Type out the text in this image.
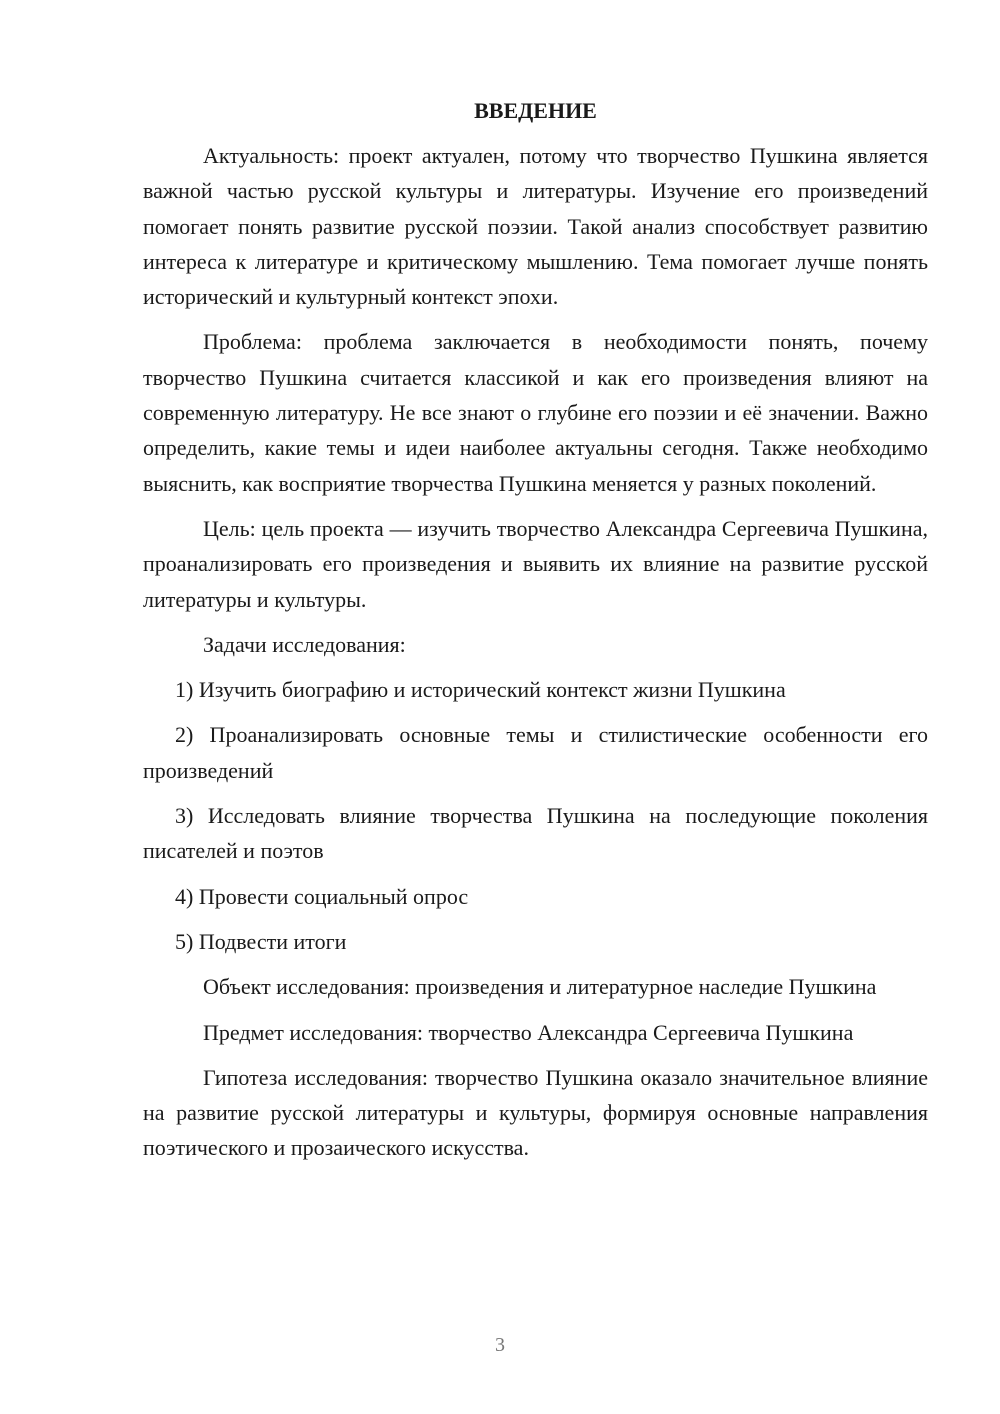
ВВЕДЕНИЕ

Актуальность: проект актуален, потому что творчество Пушкина является важной частью русской культуры и литературы. Изучение его произведений помогает понять развитие русской поэзии. Такой анализ способствует развитию интереса к литературе и критическому мышлению. Тема помогает лучше понять исторический и культурный контекст эпохи.

Проблема: проблема заключается в необходимости понять, почему творчество Пушкина считается классикой и как его произведения влияют на современную литературу. Не все знают о глубине его поэзии и её значении. Важно определить, какие темы и идеи наиболее актуальны сегодня. Также необходимо выяснить, как восприятие творчества Пушкина меняется у разных поколений.

Цель: цель проекта — изучить творчество Александра Сергеевича Пушкина, проанализировать его произведения и выявить их влияние на развитие русской литературы и культуры.

Задачи исследования:

1) Изучить биографию и исторический контекст жизни Пушкина

2) Проанализировать основные темы и стилистические особенности его произведений

3) Исследовать влияние творчества Пушкина на последующие поколения писателей и поэтов

4) Провести социальный опрос

5) Подвести итоги

Объект исследования: произведения и литературное наследие Пушкина

Предмет исследования: творчество Александра Сергеевича Пушкина

Гипотеза исследования: творчество Пушкина оказало значительное влияние на развитие русской литературы и культуры, формируя основные направления поэтического и прозаического искусства.

3
